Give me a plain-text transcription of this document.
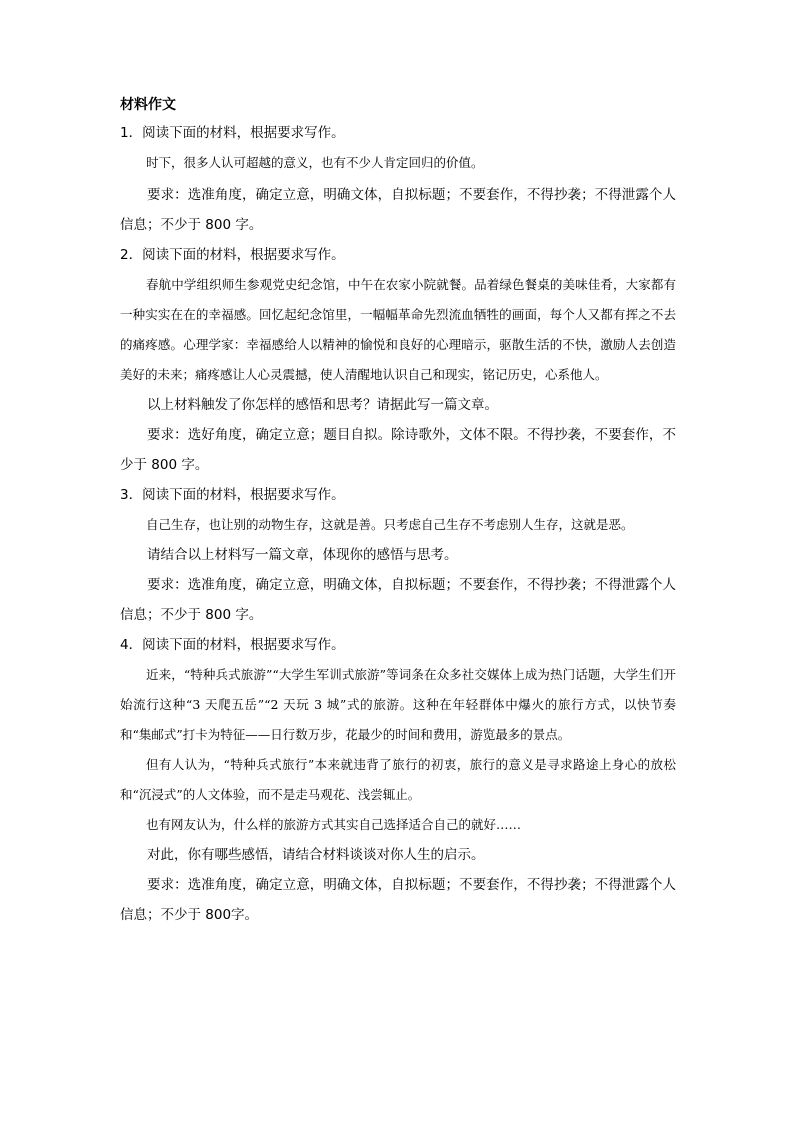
材料作文

1．阅读下面的材料，根据要求写作。

时下，很多人认可超越的意义，也有不少人肯定回归的价值。

要求：选准角度，确定立意，明确文体，自拟标题；不要套作，不得抄袭；不得泄露个人信息；不少于 800 字。

2．阅读下面的材料，根据要求写作。

春航中学组织师生参观党史纪念馆，中午在农家小院就餐。品着绿色餐桌的美味佳肴，大家都有一种实实在在的幸福感。回忆起纪念馆里，一幅幅革命先烈流血牺牲的画面，每个人又都有挥之不去的痛疼感。心理学家：幸福感给人以精神的愉悦和良好的心理暗示，驱散生活的不快，激励人去创造美好的未来；痛疼感让人心灵震撼，使人清醒地认识自己和现实，铭记历史，心系他人。

以上材料触发了你怎样的感悟和思考？请据此写一篇文章。

要求：选好角度，确定立意；题目自拟。除诗歌外，文体不限。不得抄袭，不要套作，不少于 800 字。

3．阅读下面的材料，根据要求写作。

自己生存，也让别的动物生存，这就是善。只考虑自己生存不考虑别人生存，这就是恶。

请结合以上材料写一篇文章，体现你的感悟与思考。

要求：选准角度，确定立意，明确文体，自拟标题；不要套作，不得抄袭；不得泄露个人信息；不少于 800 字。

4．阅读下面的材料，根据要求写作。

近来，“特种兵式旅游”“大学生军训式旅游”等词条在众多社交媒体上成为热门话题，大学生们开始流行这种“3 天爬五岳”“2 天玩 3 城”式的旅游。这种在年轻群体中爆火的旅行方式，以快节奏和“集邮式”打卡为特征——日行数万步，花最少的时间和费用，游览最多的景点。

但有人认为，“特种兵式旅行”本来就违背了旅行的初衷，旅行的意义是寻求路途上身心的放松和“沉浸式”的人文体验，而不是走马观花、浅尝辄止。

也有网友认为，什么样的旅游方式其实自己选择适合自己的就好……

对此，你有哪些感悟，请结合材料谈谈对你人生的启示。

要求：选准角度，确定立意，明确文体，自拟标题；不要套作，不得抄袭；不得泄露个人信息；不少于 800字。
